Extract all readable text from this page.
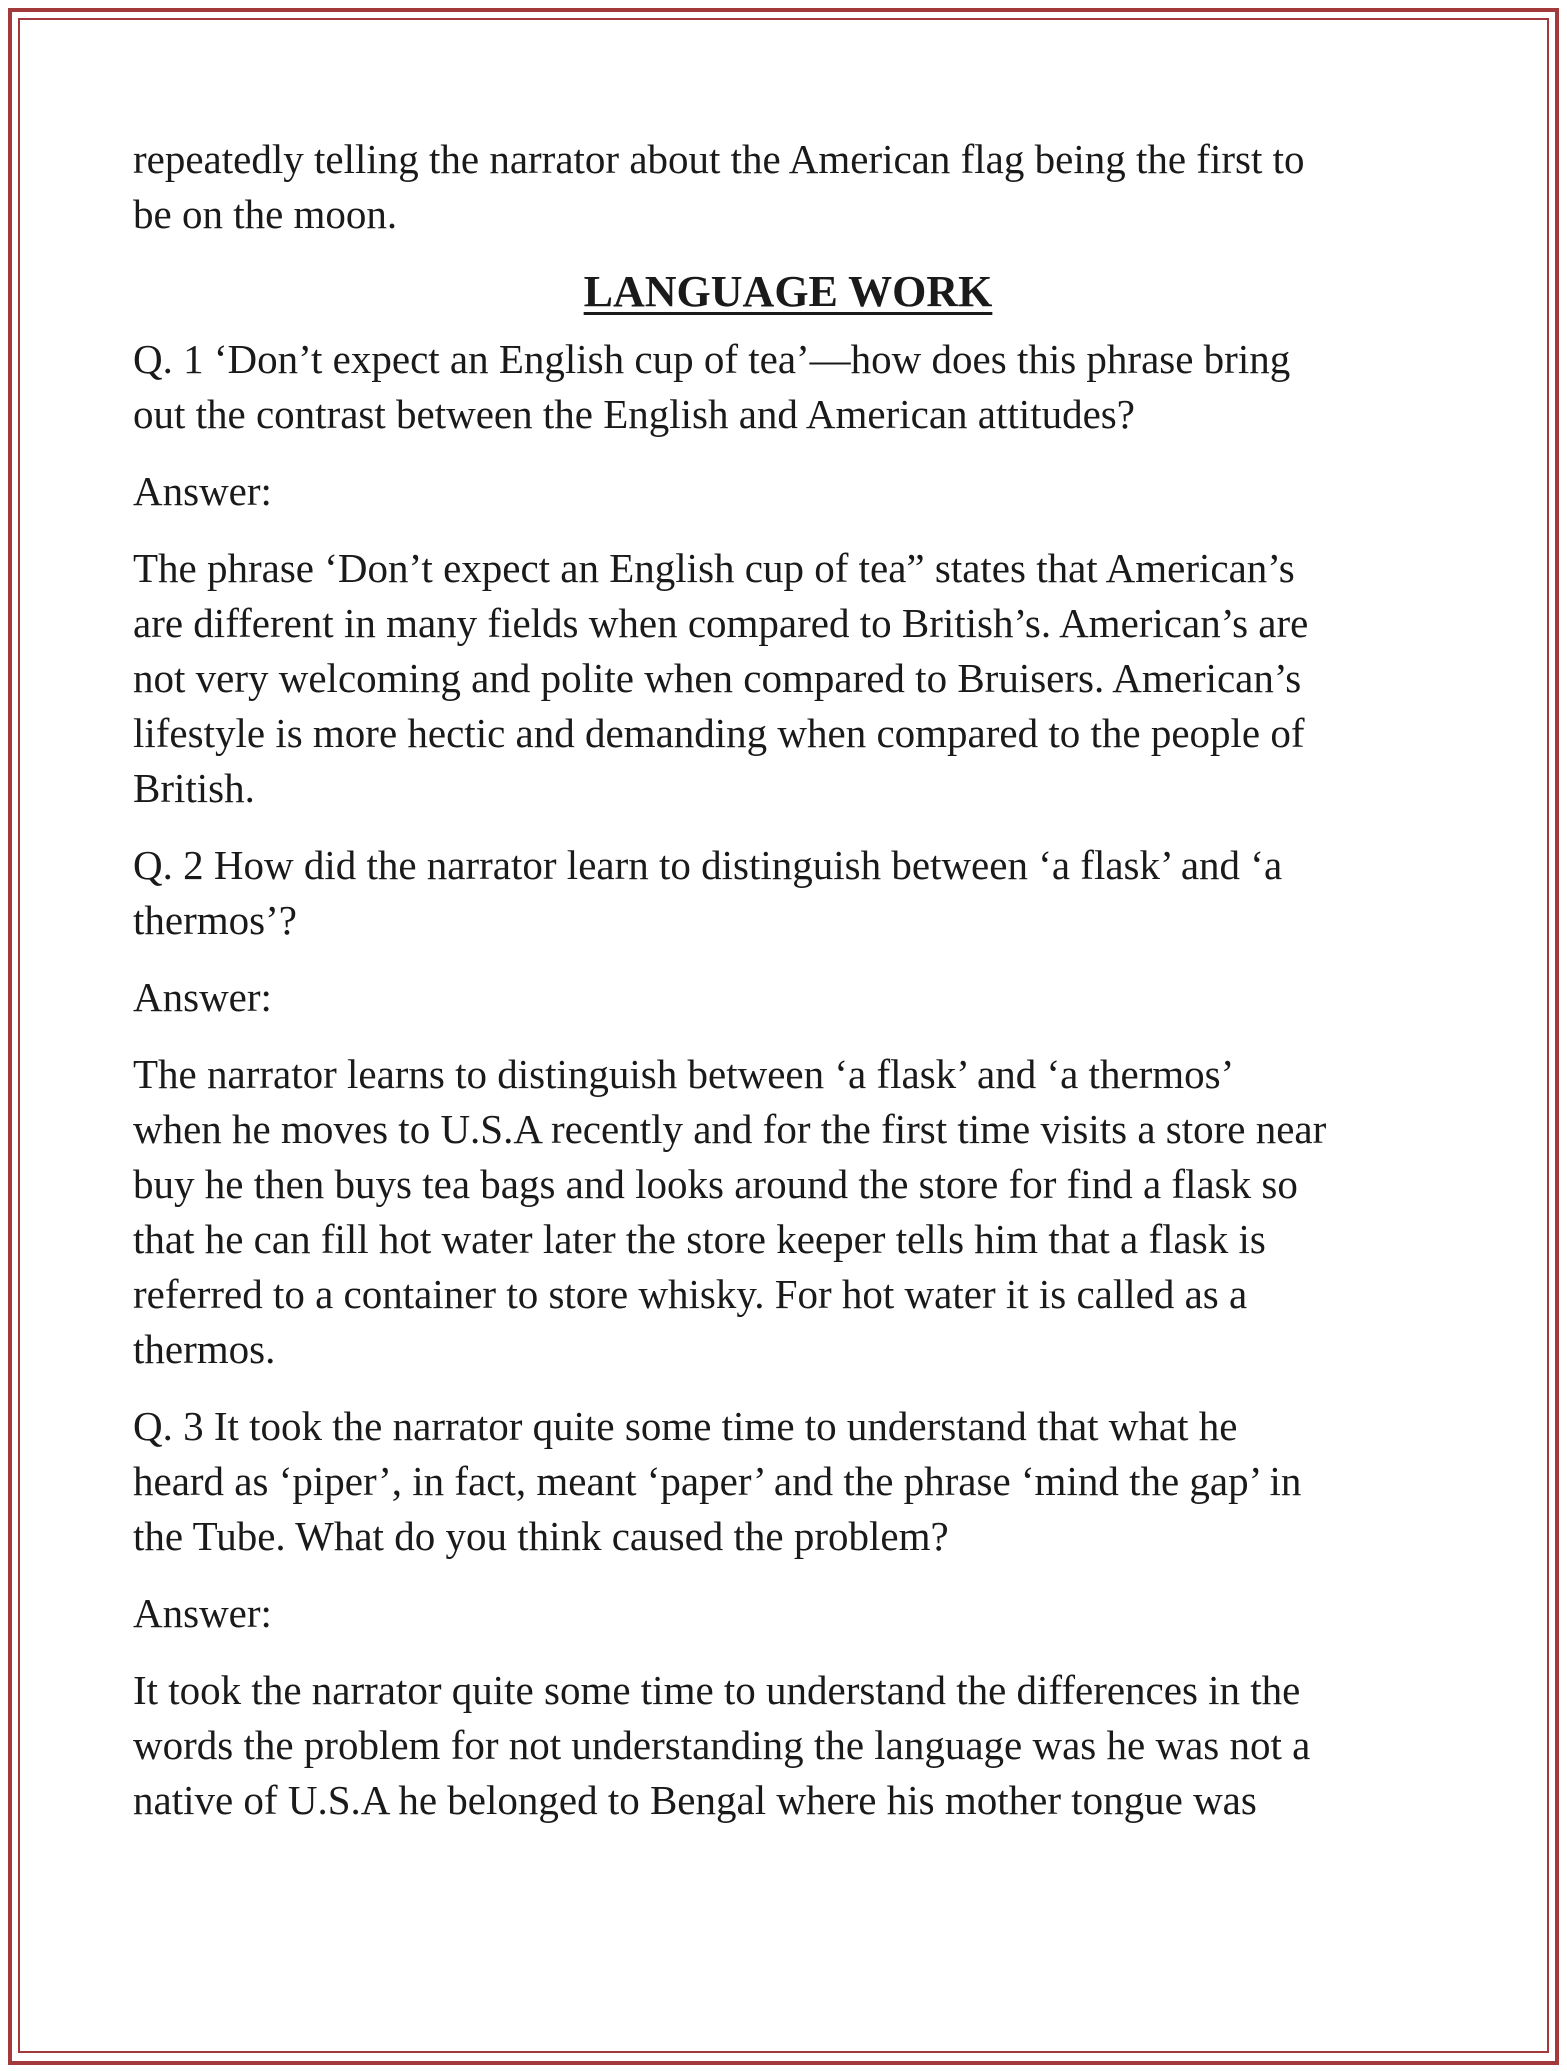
repeatedly telling the narrator about the American flag being the first to
be on the moon.

LANGUAGE WORK

Q. 1 ‘Don’t expect an English cup of tea’—how does this phrase bring
out the contrast between the English and American attitudes?

Answer:

The phrase ‘Don’t expect an English cup of tea” states that American’s
are different in many fields when compared to British’s. American’s are
not very welcoming and polite when compared to Bruisers. American’s
lifestyle is more hectic and demanding when compared to the people of
British.

Q. 2 How did the narrator learn to distinguish between ‘a flask’ and ‘a
thermos’?

Answer:

The narrator learns to distinguish between ‘a flask’ and ‘a thermos’
when he moves to U.S.A recently and for the first time visits a store near
buy he then buys tea bags and looks around the store for find a flask so
that he can fill hot water later the store keeper tells him that a flask is
referred to a container to store whisky. For hot water it is called as a
thermos.

Q. 3 It took the narrator quite some time to understand that what he
heard as ‘piper’, in fact, meant ‘paper’ and the phrase ‘mind the gap’ in
the Tube. What do you think caused the problem?

Answer:

It took the narrator quite some time to understand the differences in the
words the problem for not understanding the language was he was not a
native of U.S.A he belonged to Bengal where his mother tongue was
